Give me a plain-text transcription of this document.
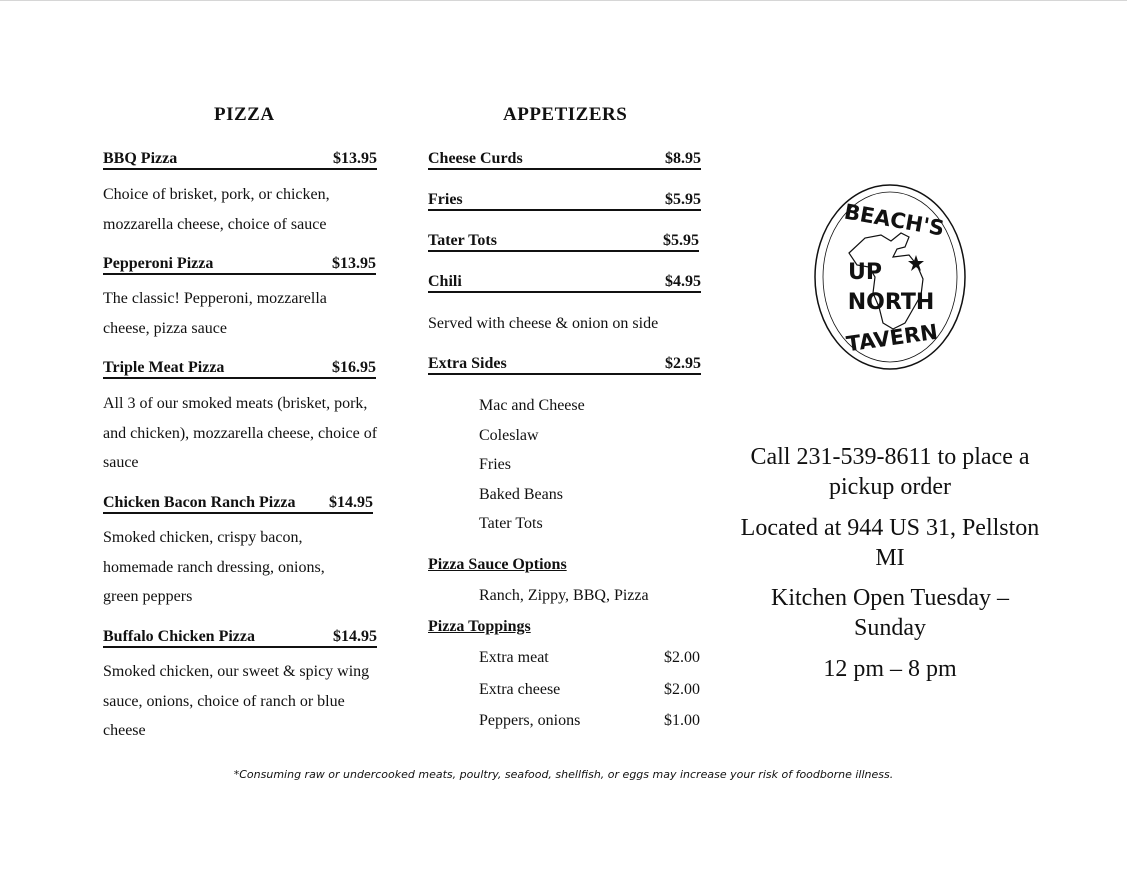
PIZZA
BBQ Pizza	$13.95
Choice of brisket, pork, or chicken, mozzarella cheese, choice of sauce
Pepperoni Pizza	$13.95
The classic! Pepperoni, mozzarella cheese, pizza sauce
Triple Meat Pizza	$16.95
All 3 of our smoked meats (brisket, pork, and chicken), mozzarella cheese, choice of sauce
Chicken Bacon Ranch Pizza $14.95
Smoked chicken, crispy bacon, homemade ranch dressing, onions, green peppers
Buffalo Chicken Pizza	$14.95
Smoked chicken, our sweet & spicy wing sauce, onions, choice of ranch or blue cheese
APPETIZERS
Cheese Curds	$8.95
Fries	$5.95
Tater Tots	$5.95
Chili	$4.95
Served with cheese & onion on side
Extra Sides	$2.95
Mac and Cheese
Coleslaw
Fries
Baked Beans
Tater Tots
Pizza Sauce Options
Ranch, Zippy, BBQ, Pizza
Pizza Toppings
Extra meat	$2.00
Extra cheese	$2.00
Peppers, onions	$1.00
BEACH'S
UP
NORTH
TAVERN
Call 231-539-8611 to place a pickup order
Located at 944 US 31, Pellston MI
Kitchen Open Tuesday – Sunday
12 pm – 8 pm
*Consuming raw or undercooked meats, poultry, seafood, shellfish, or eggs may increase your risk of foodborne illness.
